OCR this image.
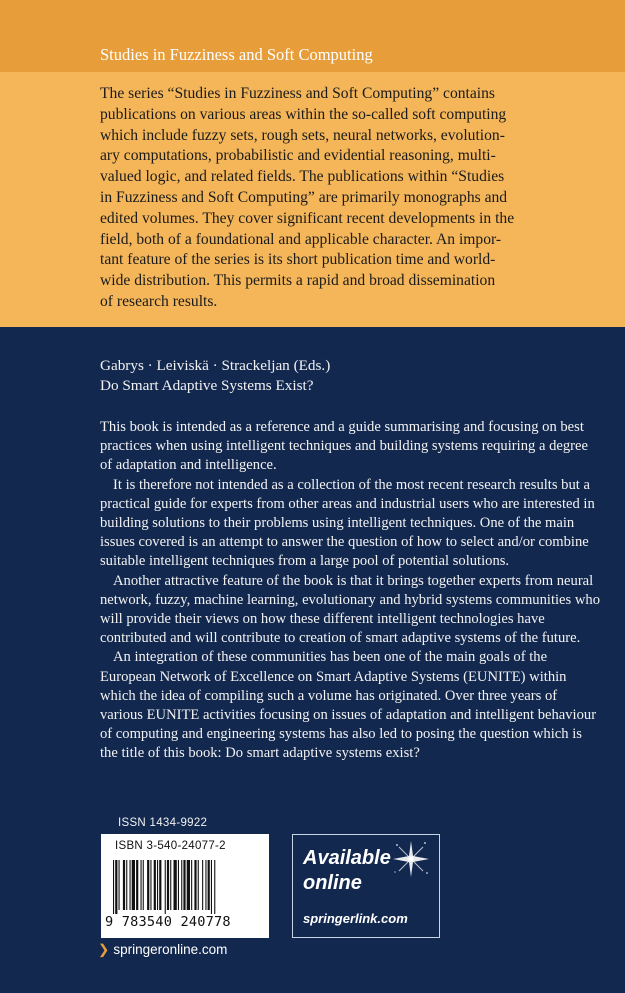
Studies in Fuzziness and Soft Computing

The series “Studies in Fuzziness and Soft Computing” contains

publications on various areas within the so-called soft computing

which include fuzzy sets, rough sets, neural networks, evolution-

ary computations, probabilistic and evidential reasoning, multi-

valued logic, and related fields. The publications within “Studies

in Fuzziness and Soft Computing” are primarily monographs and

edited volumes. They cover significant recent developments in the

field, both of a foundational and applicable character. An impor-

tant feature of the series is its short publication time and world-

wide distribution. This permits a rapid and broad dissemination

of research results.

Gabrys · Leiviskä · Strackeljan (Eds.)
Do Smart Adaptive Systems Exist?

This book is intended as a reference and a guide summarising and focusing on best practices when using intelligent techniques and building systems requiring a degree of adaptation and intelligence.

It is therefore not intended as a collection of the most recent research results but a practical guide for experts from other areas and industrial users who are interested in building solutions to their problems using intelligent techniques. One of the main issues covered is an attempt to answer the question of how to select and/or combine suitable intelligent techniques from a large pool of potential solutions.

Another attractive feature of the book is that it brings together experts from neural network, fuzzy, machine learning, evolutionary and hybrid systems communities who will provide their views on how these different intelligent technologies have contributed and will contribute to creation of smart adaptive systems of the future.

An integration of these communities has been one of the main goals of the European Network of Excellence on Smart Adaptive Systems (EUNITE) within which the idea of compiling such a volume has originated. Over three years of various EUNITE activities focusing on issues of adaptation and intelligent behaviour of computing and engineering systems has also led to posing the question which is the title of this book: Do smart adaptive systems exist?

ISSN 1434-9922
ISBN 3-540-24077-2
9 783540 240778
Available
online
springerlink.com
❯ springeronline.com
